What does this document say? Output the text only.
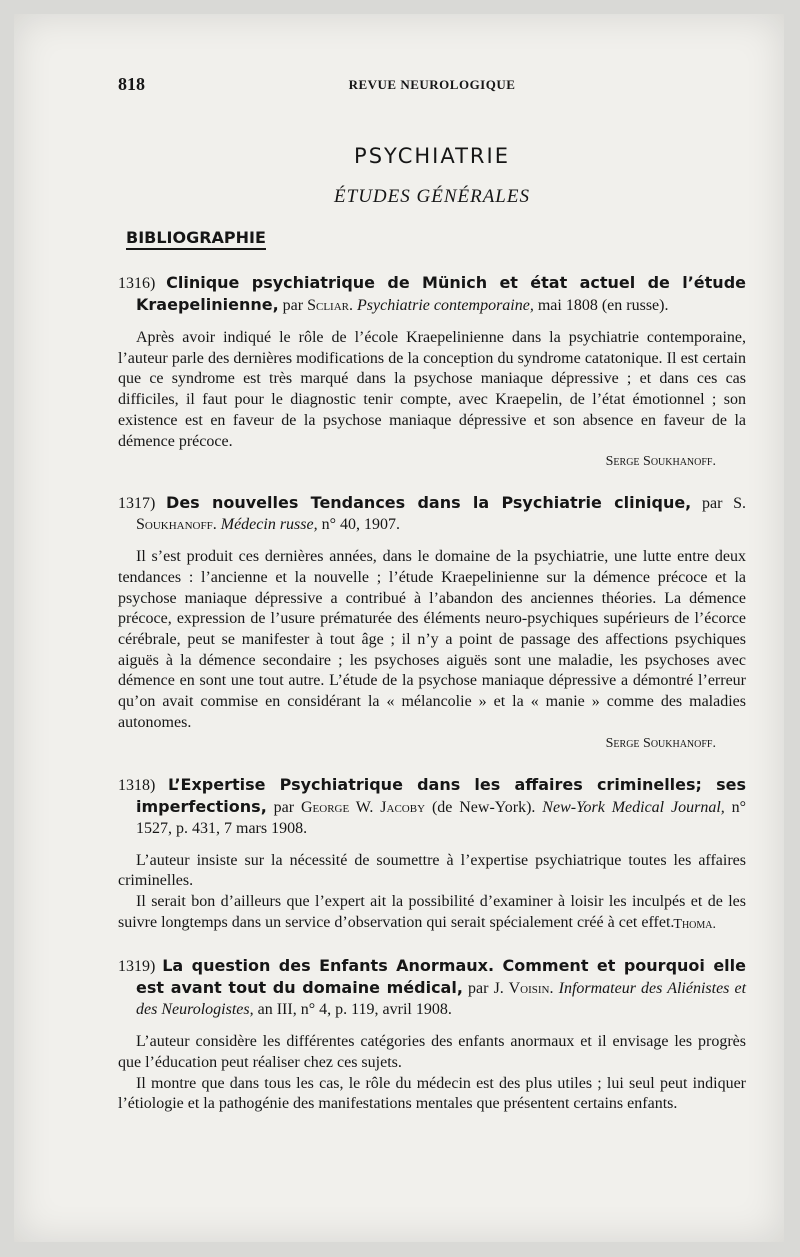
818	REVUE NEUROLOGIQUE
PSYCHIATRIE
ÉTUDES GÉNÉRALES
BIBLIOGRAPHIE
1316) Clinique psychiatrique de Münich et état actuel de l’étude Kraepelinienne, par Scliar. Psychiatrie contemporaine, mai 1808 (en russe).

Après avoir indiqué le rôle de l’école Kraepelinienne dans la psychiatrie contemporaine, l’auteur parle des dernières modifications de la conception du syndrome catatonique. Il est certain que ce syndrome est très marqué dans la psychose maniaque dépressive ; et dans ces cas difficiles, il faut pour le diagnostic tenir compte, avec Kraepelin, de l’état émotionnel ; son existence est en faveur de la psychose maniaque dépressive et son absence en faveur de la démence précoce.

Serge Soukhanoff.
1317) Des nouvelles Tendances dans la Psychiatrie clinique, par S. Soukhanoff. Médecin russe, n° 40, 1907.

Il s’est produit ces dernières années, dans le domaine de la psychiatrie, une lutte entre deux tendances : l’ancienne et la nouvelle ; l’étude Kraepelinienne sur la démence précoce et la psychose maniaque dépressive a contribué à l’abandon des anciennes théories. La démence précoce, expression de l’usure prématurée des éléments neuro-psychiques supérieurs de l’écorce cérébrale, peut se manifester à tout âge ; il n’y a point de passage des affections psychiques aiguës à la démence secondaire ; les psychoses aiguës sont une maladie, les psychoses avec démence en sont une tout autre. L’étude de la psychose maniaque dépressive a démontré l’erreur qu’on avait commise en considérant la « mélancolie » et la « manie » comme des maladies autonomes.

Serge Soukhanoff.
1318) L’Expertise Psychiatrique dans les affaires criminelles; ses imperfections, par George W. Jacoby (de New-York). New-York Medical Journal, n° 1527, p. 431, 7 mars 1908.

L’auteur insiste sur la nécessité de soumettre à l’expertise psychiatrique toutes les affaires criminelles.

Il serait bon d’ailleurs que l’expert ait la possibilité d’examiner à loisir les inculpés et de les suivre longtemps dans un service d’observation qui serait spécialement créé à cet effet. Thoma.
1319) La question des Enfants Anormaux. Comment et pourquoi elle est avant tout du domaine médical, par J. Voisin. Informateur des Aliénistes et des Neurologistes, an III, n° 4, p. 119, avril 1908.

L’auteur considère les différentes catégories des enfants anormaux et il envisage les progrès que l’éducation peut réaliser chez ces sujets.

Il montre que dans tous les cas, le rôle du médecin est des plus utiles ; lui seul peut indiquer l’étiologie et la pathogénie des manifestations mentales que présentent certains enfants.
